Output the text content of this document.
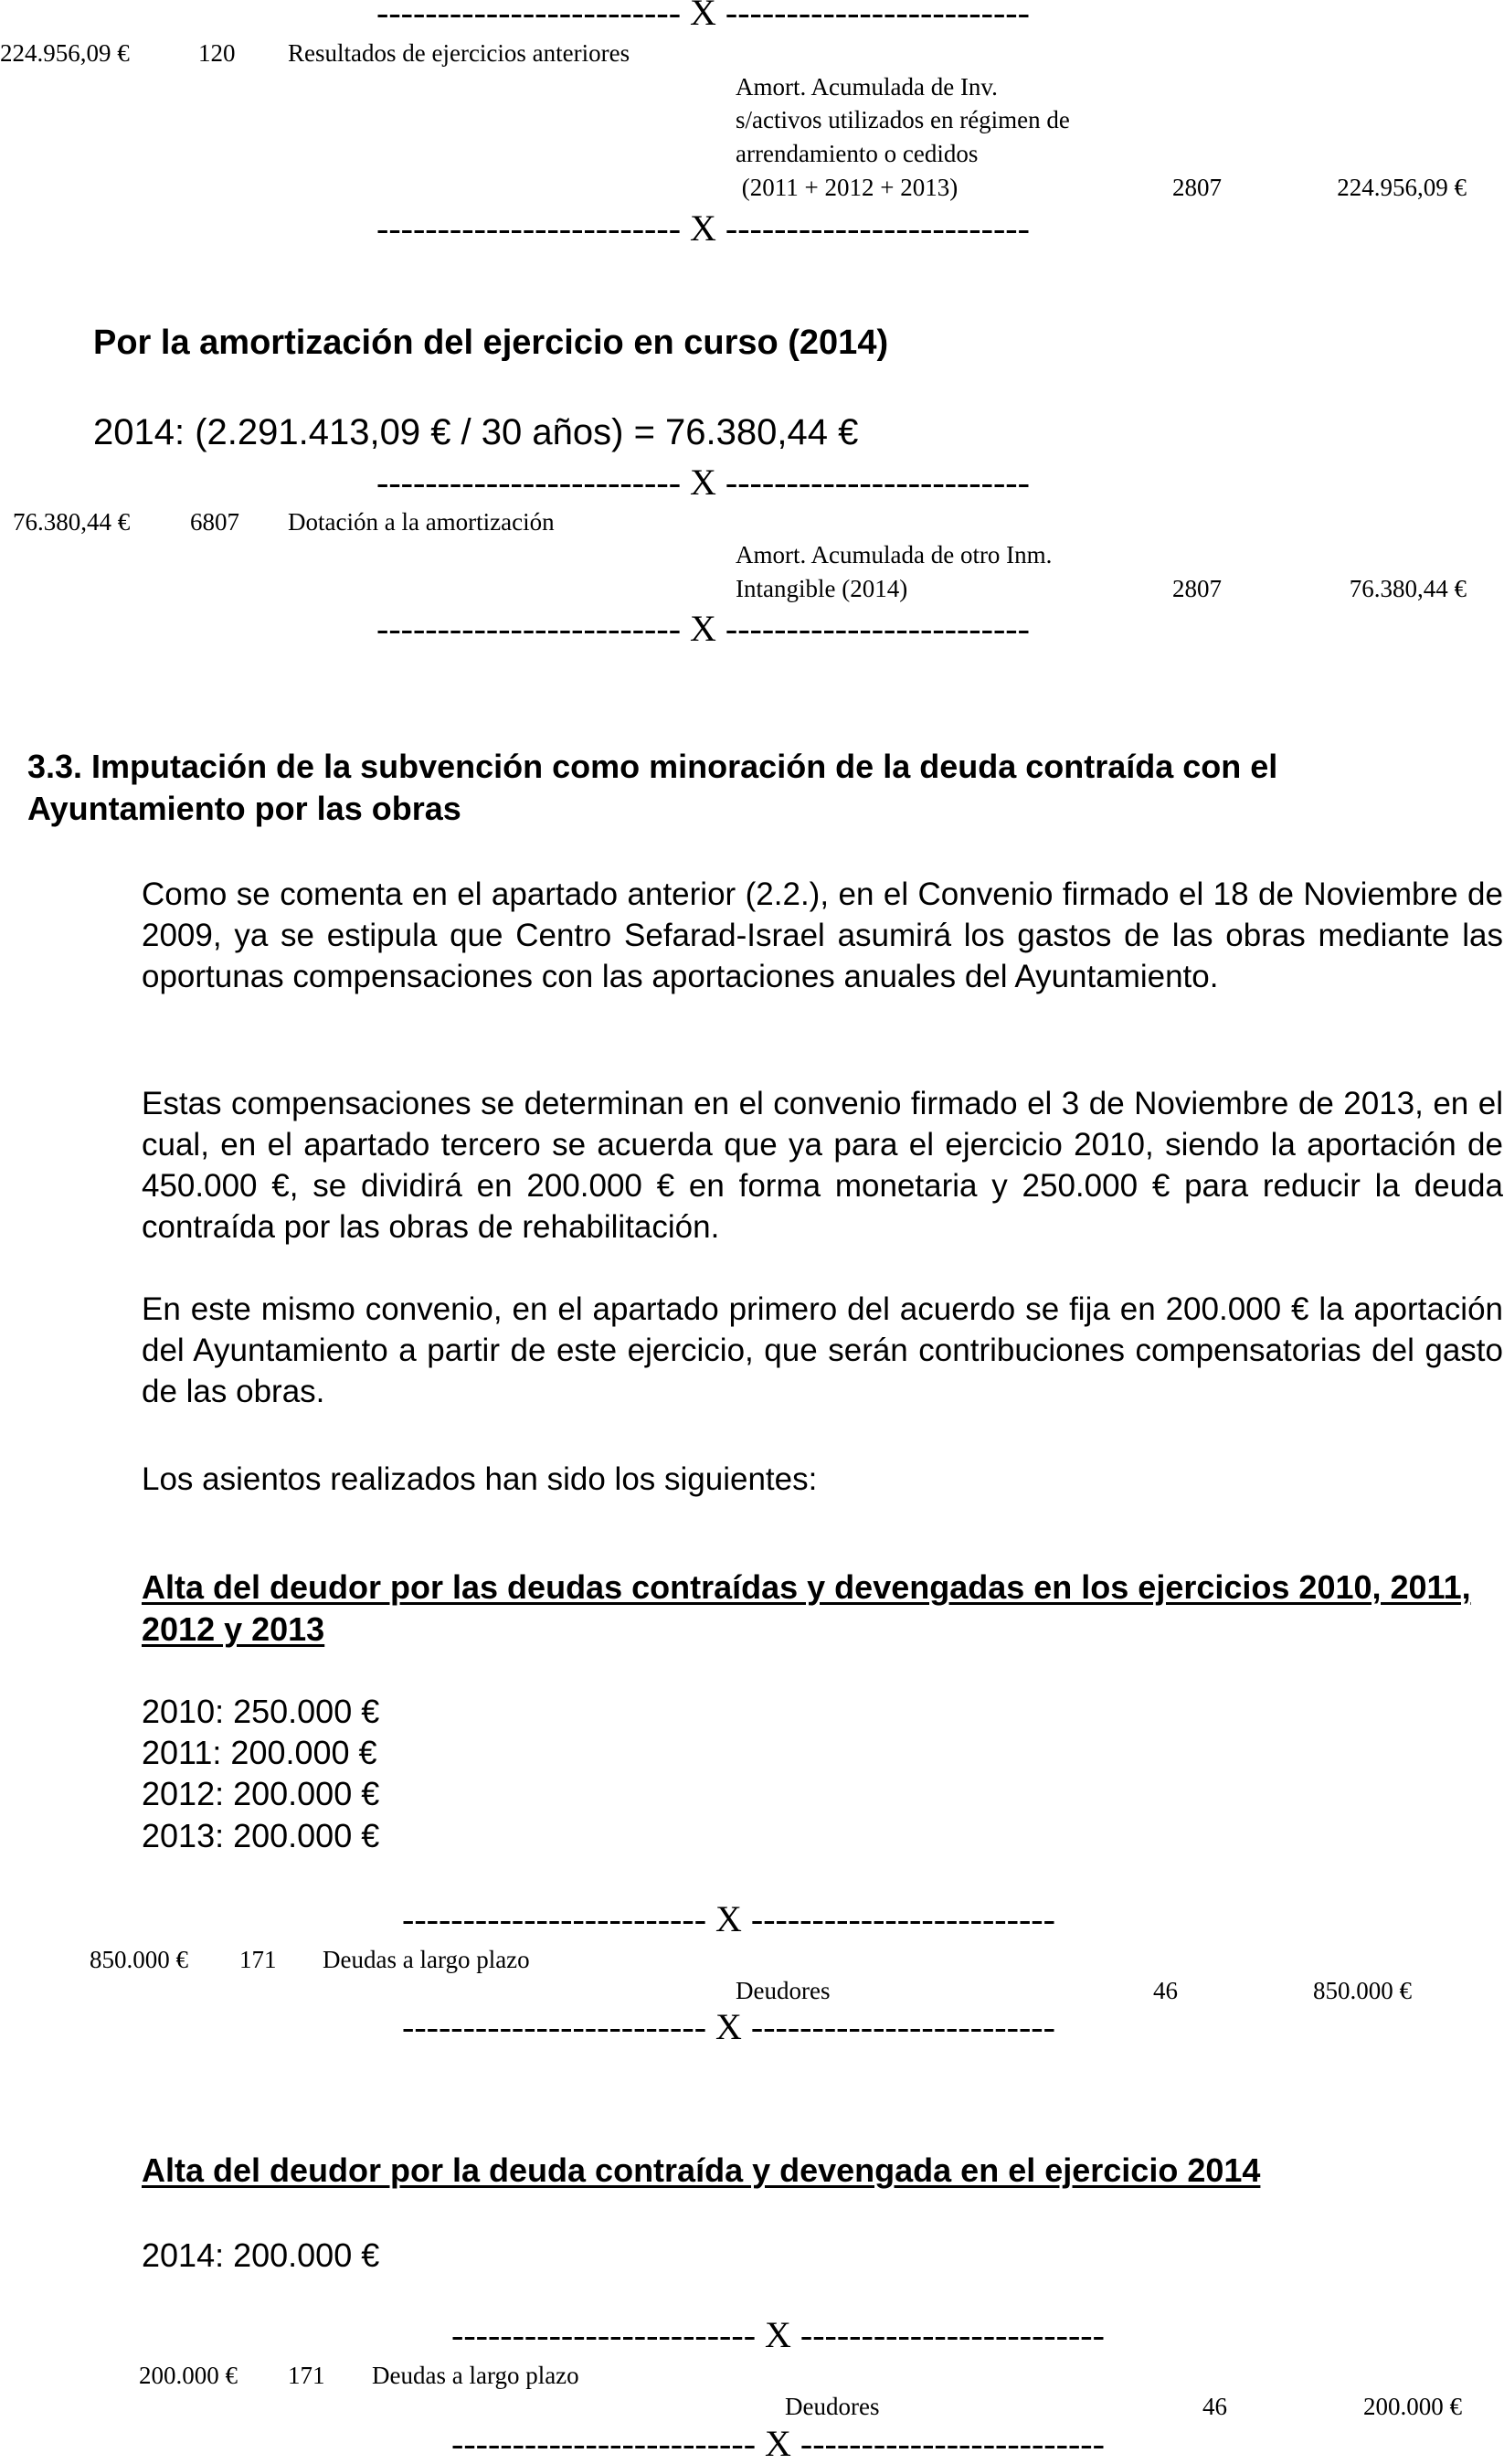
------------------------- X -------------------------
224.956,09 €	120 Resultados de ejercicios anteriores
Amort. Acumulada de Inv.
s/activos utilizados en régimen de
arrendamiento o cedidos
(2011 + 2012 + 2013)	2807	224.956,09 €
------------------------- X -------------------------
Por la amortización del ejercicio en curso (2014)
2014: (2.291.413,09 € / 30 años) = 76.380,44 €
------------------------- X -------------------------
76.380,44 € 6807 Dotación a la amortización
Amort. Acumulada de otro Inm.
Intangible (2014)	2807	76.380,44 €
------------------------- X -------------------------
3.3. Imputación de la subvención como minoración de la deuda contraída con el Ayuntamiento por las obras
Como se comenta en el apartado anterior (2.2.), en el Convenio firmado el 18 de Noviembre de 2009, ya se estipula que Centro Sefarad-Israel asumirá los gastos de las obras mediante las oportunas compensaciones con las aportaciones anuales del Ayuntamiento.
Estas compensaciones se determinan en el convenio firmado el 3 de Noviembre de 2013, en el cual, en el apartado tercero se acuerda que ya para el ejercicio 2010, siendo la aportación de 450.000 €, se dividirá en 200.000 € en forma monetaria y 250.000 € para reducir la deuda contraída por las obras de rehabilitación.
En este mismo convenio, en el apartado primero del acuerdo se fija en 200.000 € la aportación del Ayuntamiento a partir de este ejercicio, que serán contribuciones compensatorias del gasto de las obras.
Los asientos realizados han sido los siguientes:
Alta del deudor por las deudas contraídas y devengadas en los ejercicios 2010, 2011, 2012 y 2013
2010: 250.000 €
2011: 200.000 €
2012: 200.000 €
2013: 200.000 €
------------------------- X -------------------------
850.000 € 171 Deudas a largo plazo
Deudores	46	850.000 €
------------------------- X -------------------------
Alta del deudor por la deuda contraída y devengada en el ejercicio 2014
2014: 200.000 €
------------------------- X -------------------------
200.000 € 171 Deudas a largo plazo
Deudores	46	200.000 €
------------------------- X -------------------------
